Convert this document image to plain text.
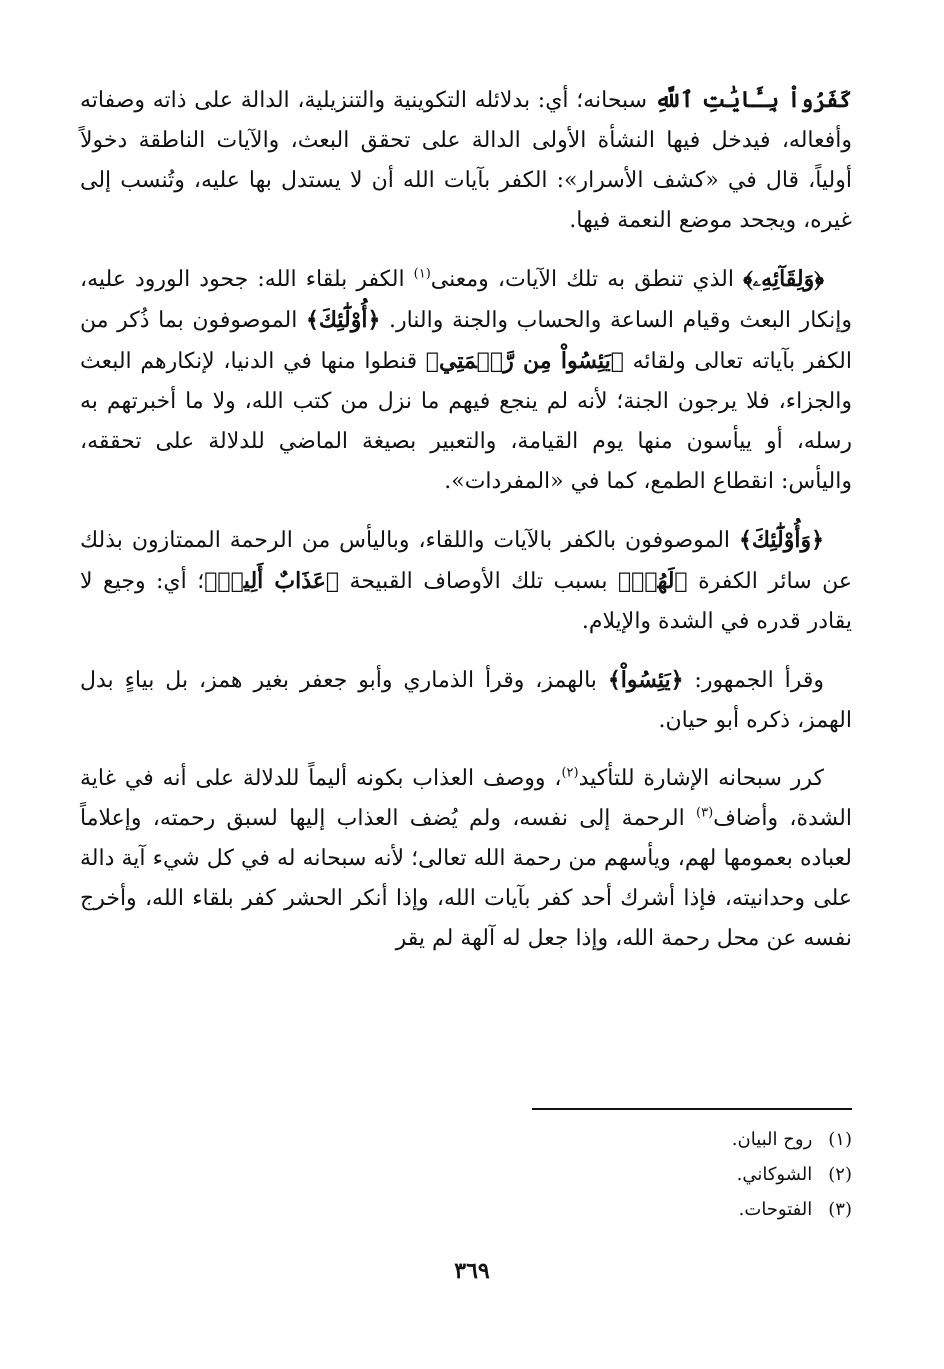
كَفَرُواْ بِـَٔايَٰتِ ٱللَّهِ سبحانه؛ أي: بدلائله التكوينية والتنزيلية، الدالة على ذاته وصفاته وأفعاله، فيدخل فيها النشأة الأولى الدالة على تحقق البعث، والآيات الناطقة دخولاً أولياً، قال في «كشف الأسرار»: الكفر بآيات الله أن لا يستدل بها عليه، وتُنسب إلى غيره، ويجحد موضع النعمة فيها.

﴿وَلِقَآئِهِۦ﴾ الذي تنطق به تلك الآيات، ومعنى$^{(١)}$ الكفر بلقاء الله: جحود الورود عليه، وإنكار البعث وقيام الساعة والحساب والجنة والنار. ﴿أُوْلَٰٓئِكَ﴾ الموصوفون بما ذُكر من الكفر بآياته تعالى ولقائه ﴿يَئِسُواْ مِن رَّحۡمَتِي﴾ قنطوا منها في الدنيا، لإنكارهم البعث والجزاء، فلا يرجون الجنة؛ لأنه لم ينجع فيهم ما نزل من كتب الله، ولا ما أخبرتهم به رسله، أو ييأسون منها يوم القيامة، والتعبير بصيغة الماضي للدلالة على تحققه، واليأس: انقطاع الطمع، كما في «المفردات».

﴿وَأُوْلَٰٓئِكَ﴾ الموصوفون بالكفر بالآيات واللقاء، وباليأس من الرحمة الممتازون بذلك عن سائر الكفرة ﴿لَهُمۡ﴾ بسبب تلك الأوصاف القبيحة ﴿عَذَابٌ أَلِيمٞ﴾؛ أي: وجيع لا يقادر قدره في الشدة والإيلام.

وقرأ الجمهور: ﴿يَئِسُواْ﴾ بالهمز، وقرأ الذماري وأبو جعفر بغير همز، بل بياءٍ بدل الهمز، ذكره أبو حيان.

كرر سبحانه الإشارة للتأكيد$^{(٢)}$، ووصف العذاب بكونه أليماً للدلالة على أنه في غاية الشدة، وأضاف$^{(٣)}$ الرحمة إلى نفسه، ولم يُضف العذاب إليها لسبق رحمته، وإعلاماً لعباده بعمومها لهم، ويأسهم من رحمة الله تعالى؛ لأنه سبحانه له في كل شيء آية دالة على وحدانيته، فإذا أشرك أحد كفر بآيات الله، وإذا أنكر الحشر كفر بلقاء الله، وأخرج نفسه عن محل رحمة الله، وإذا جعل له آلهة لم يقر

(١) روح البيان.
(٢) الشوكاني.
(٣) الفتوحات.
٣٦٩
